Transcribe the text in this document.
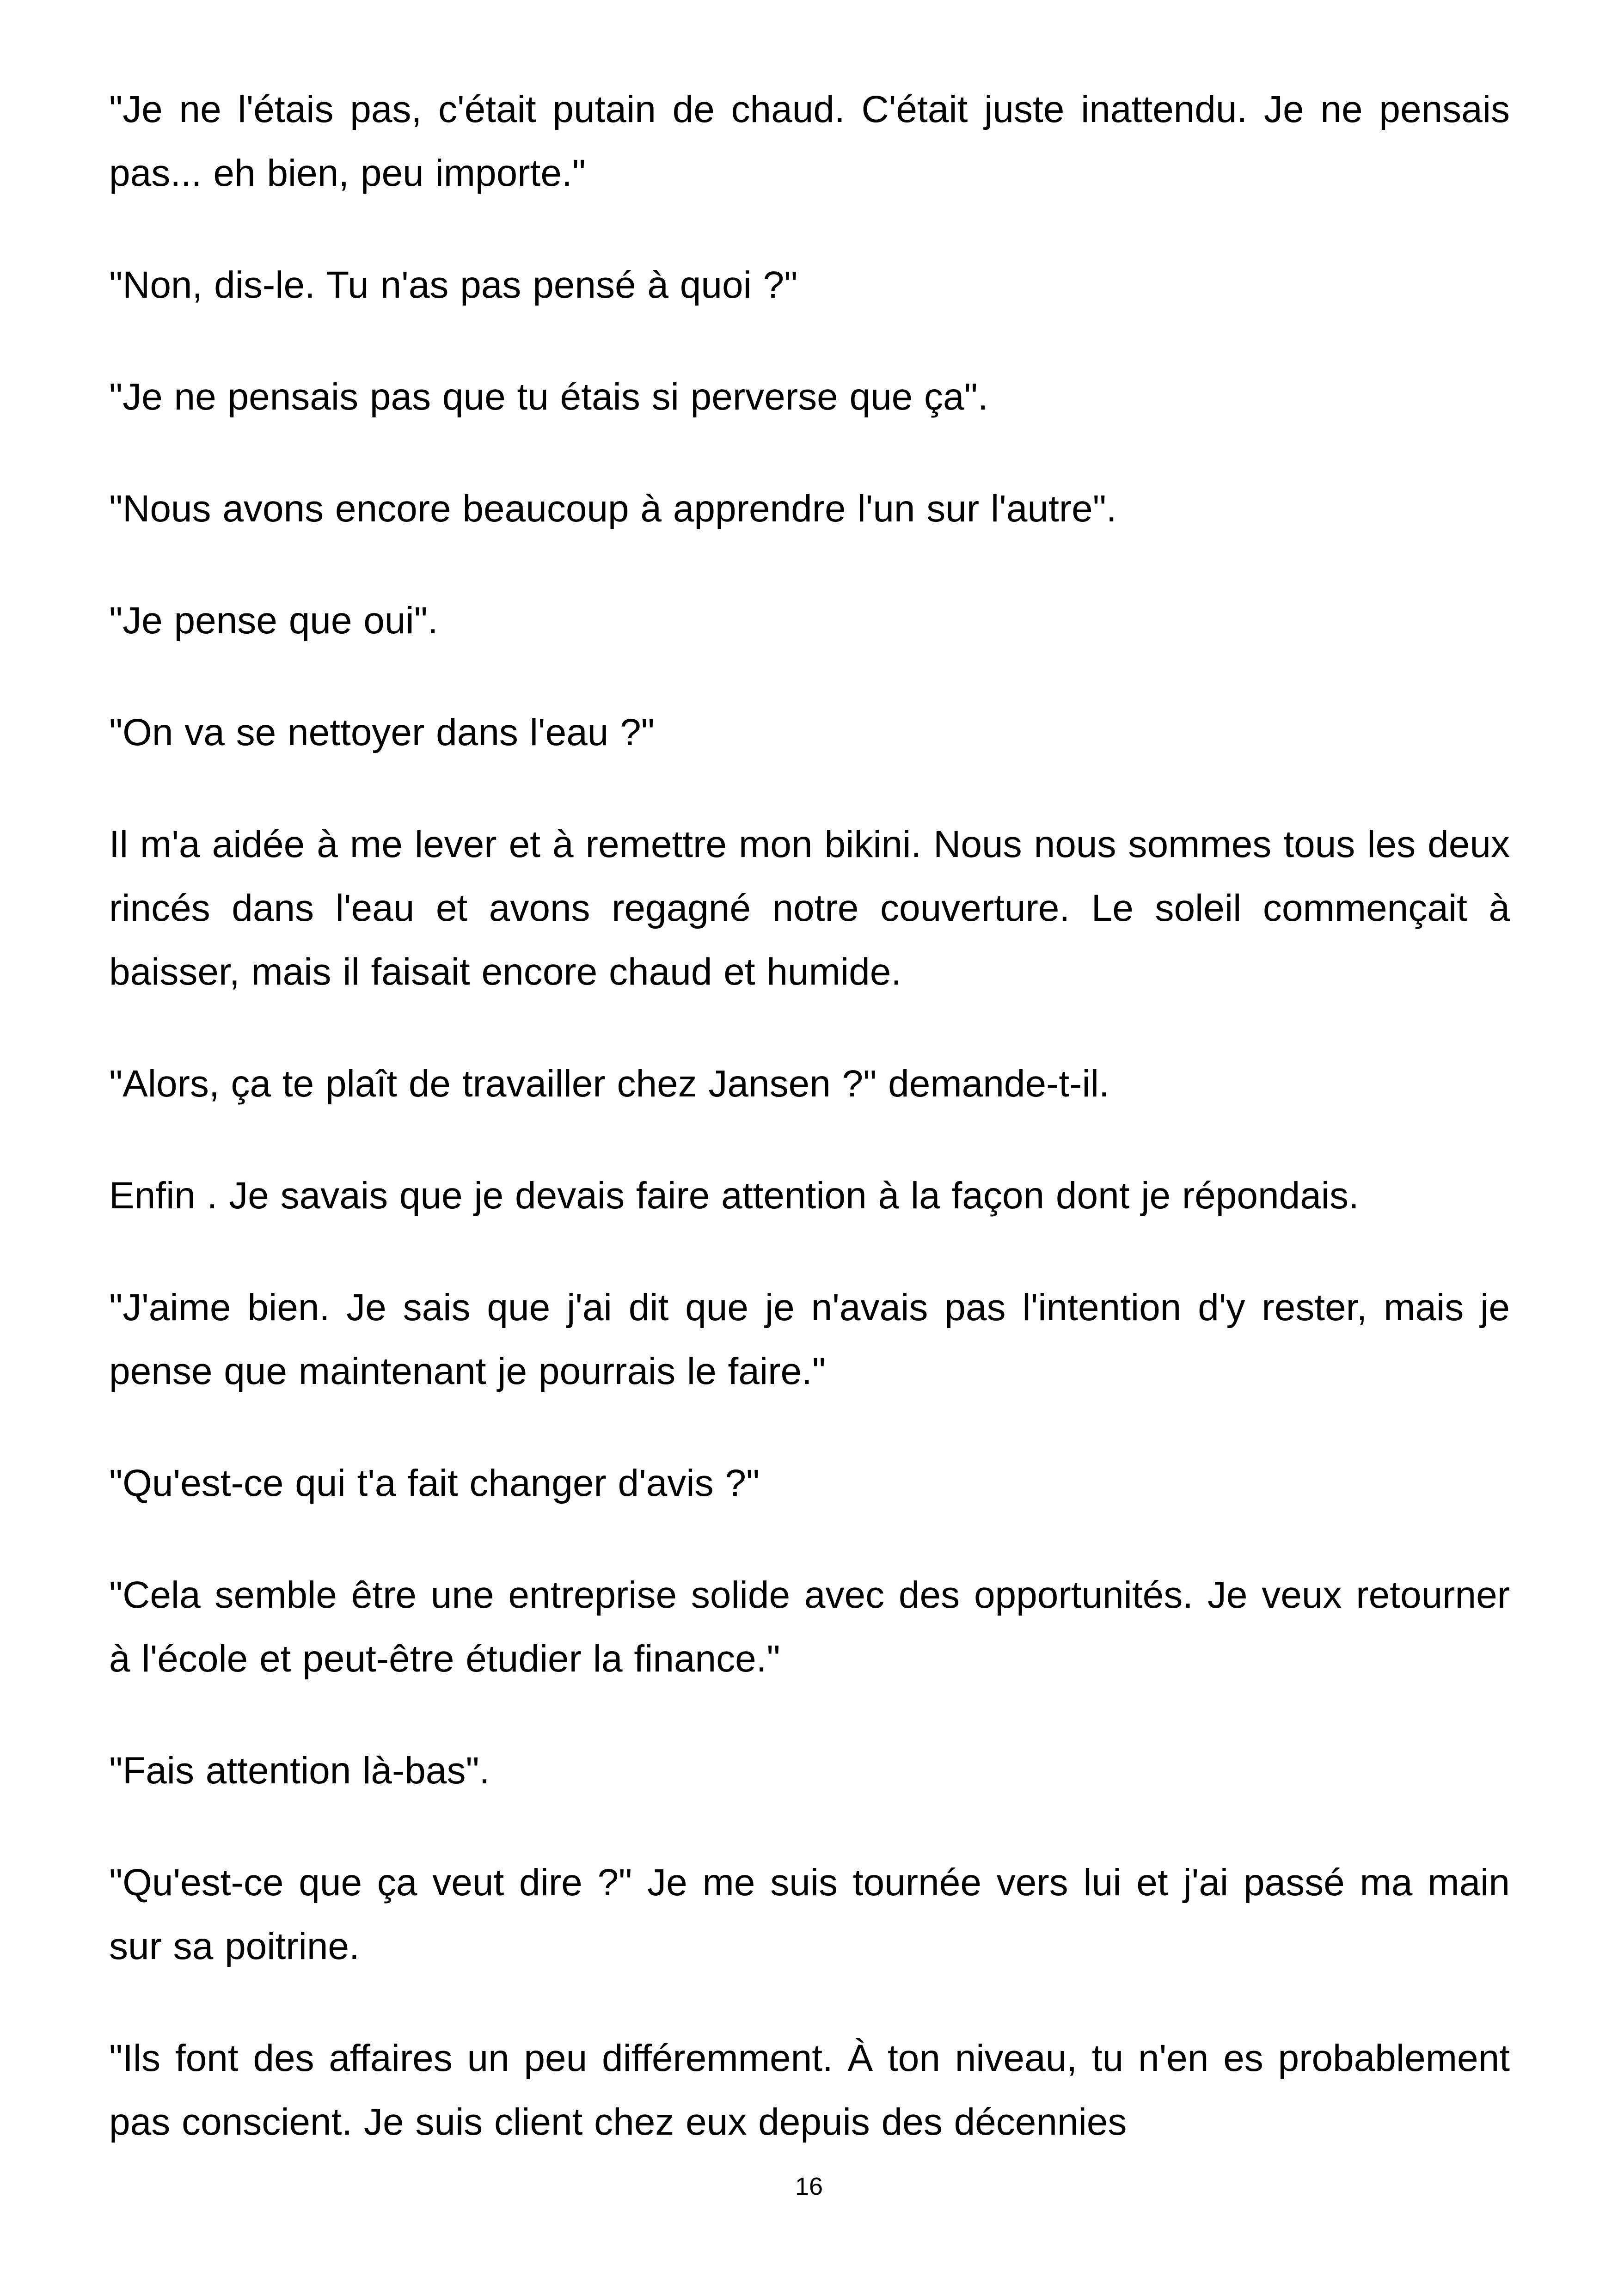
"Je ne l'étais pas, c'était putain de chaud. C'était juste inattendu. Je ne pensais pas... eh bien, peu importe."

"Non, dis-le. Tu n'as pas pensé à quoi ?"

"Je ne pensais pas que tu étais si perverse que ça".

"Nous avons encore beaucoup à apprendre l'un sur l'autre".

"Je pense que oui".

"On va se nettoyer dans l'eau ?"

Il m'a aidée à me lever et à remettre mon bikini. Nous nous sommes tous les deux rincés dans l'eau et avons regagné notre couverture. Le soleil commençait à baisser, mais il faisait encore chaud et humide.

"Alors, ça te plaît de travailler chez Jansen ?" demande-t-il.

Enfin . Je savais que je devais faire attention à la façon dont je répondais.

"J'aime bien. Je sais que j'ai dit que je n'avais pas l'intention d'y rester, mais je pense que maintenant je pourrais le faire."

"Qu'est-ce qui t'a fait changer d'avis ?"

"Cela semble être une entreprise solide avec des opportunités. Je veux retourner à l'école et peut-être étudier la finance."

"Fais attention là-bas".

"Qu'est-ce que ça veut dire ?" Je me suis tournée vers lui et j'ai passé ma main sur sa poitrine.

"Ils font des affaires un peu différemment. À ton niveau, tu n'en es probablement pas conscient. Je suis client chez eux depuis des décennies

16
